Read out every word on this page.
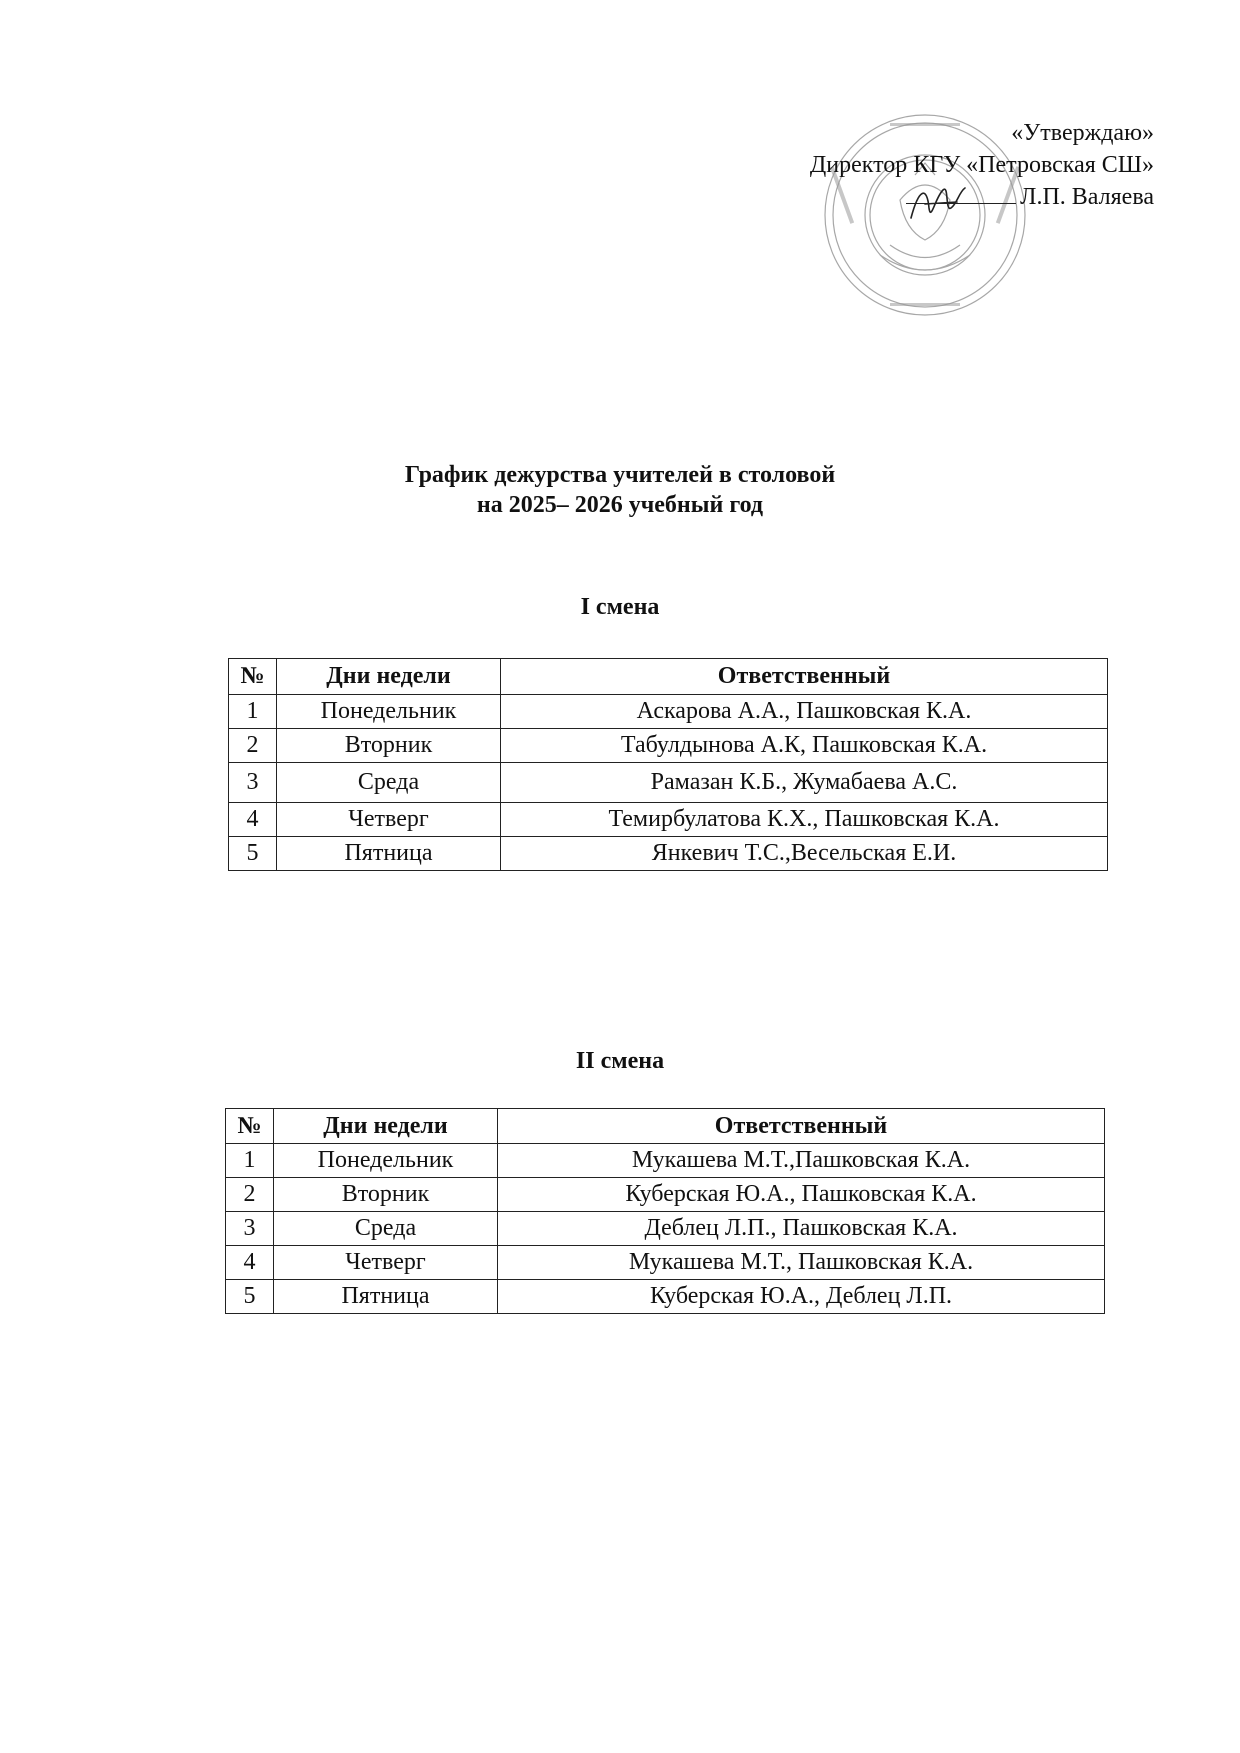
«Утверждаю»
Директор КГУ «Петровская СШ»
Л.П. Валяева
График дежурства учителей в столовой
на 2025– 2026 учебный год
I смена
№	Дни недели	Ответственный
1	Понедельник	Аскарова А.А., Пашковская К.А.
2	Вторник	Табулдынова А.К, Пашковская К.А.
3	Среда	Рамазан К.Б., Жумабаева А.С.
4	Четверг	Темирбулатова К.Х., Пашковская К.А.
5	Пятница	Янкевич Т.С.,Весельская Е.И.
II смена
№	Дни недели	Ответственный
1	Понедельник	Мукашева М.Т.,Пашковская К.А.
2	Вторник	Куберская Ю.А., Пашковская К.А.
3	Среда	Деблец Л.П., Пашковская К.А.
4	Четверг	Мукашева М.Т., Пашковская К.А.
5	Пятница	Куберская Ю.А., Деблец Л.П.
